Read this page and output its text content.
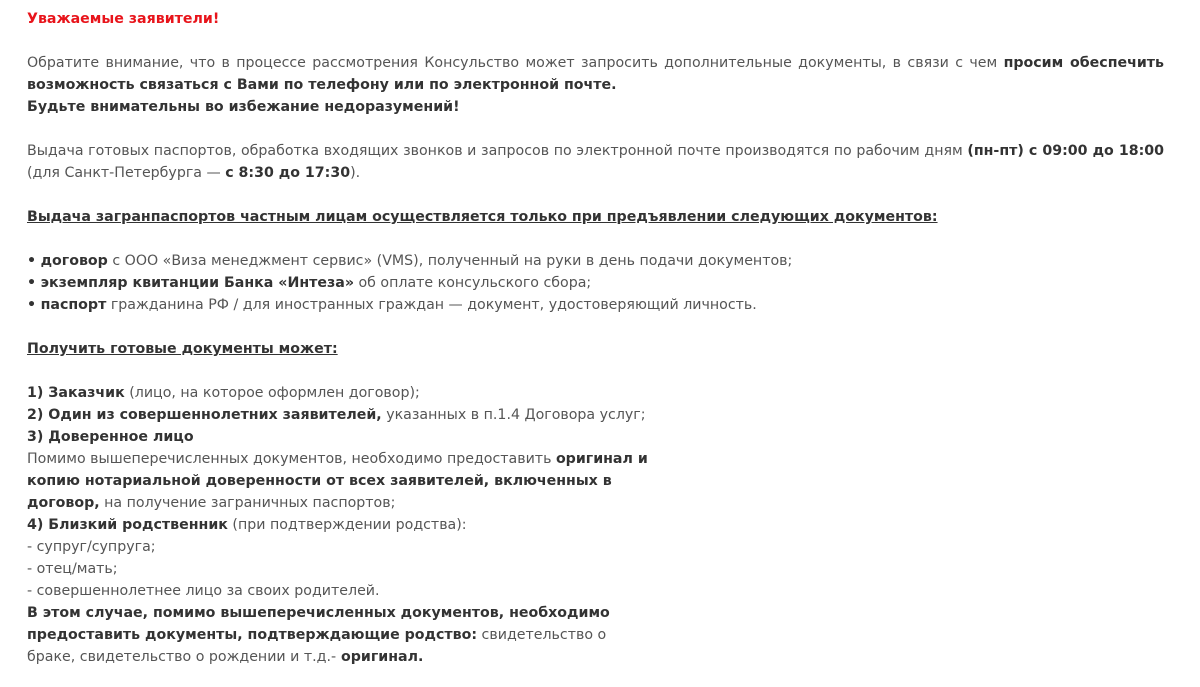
Уважаемые заявители!

Обратите внимание, что в процессе рассмотрения Консульство может запросить дополнительные документы, в связи с чем просим обеспечить возможность связаться с Вами по телефону или по электронной почте.

Будьте внимательны во избежание недоразумений!

Выдача готовых паспортов, обработка входящих звонков и запросов по электронной почте производятся по рабочим дням (пн-пт) с 09:00 до 18:00 (для Санкт-Петербурга — с 8:30 до 17:30).

Выдача загранпаспортов частным лицам осуществляется только при предъявлении следующих документов:

• договор с ООО «Виза менеджмент сервис» (VMS), полученный на руки в день подачи документов;

• экземпляр квитанции Банка «Интеза» об оплате консульского сбора;

• паспорт гражданина РФ / для иностранных граждан — документ, удостоверяющий личность.

Получить готовые документы может:

1) Заказчик (лицо, на которое оформлен договор);

2) Один из совершеннолетних заявителей, указанных в п.1.4 Договора услуг;

3) Доверенное лицо

Помимо вышеперечисленных документов, необходимо предоставить оригинал и копию нотариальной доверенности от всех заявителей, включенных в договор, на получение заграничных паспортов;

4) Близкий родственник (при подтверждении родства):

- супруг/супруга;

- отец/мать;

- совершеннолетнее лицо за своих родителей.

В этом случае, помимо вышеперечисленных документов, необходимо предоставить документы, подтверждающие родство: свидетельство о браке, свидетельство о рождении и т.д.- оригинал.
